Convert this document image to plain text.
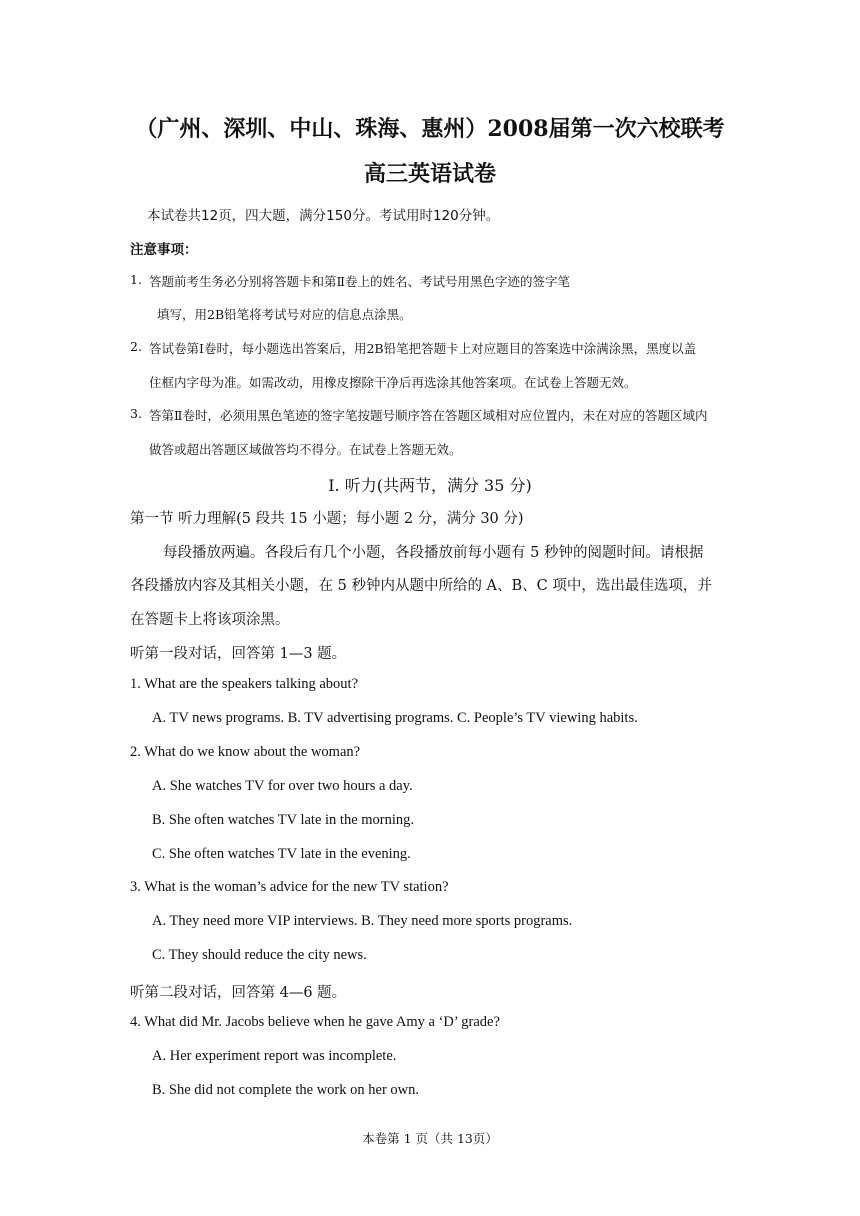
（广州、深圳、中山、珠海、惠州）2008届第一次六校联考
高三英语试卷
本试卷共12页，四大题，满分150分。考试用时120分钟。
注意事项：
1. 答题前考生务必分别将答题卡和第Ⅱ卷上的姓名、考试号用黑色字迹的签字笔
填写，用2B铅笔将考试号对应的信息点涂黑。
2. 答试卷第Ⅰ卷时，每小题选出答案后，用2B铅笔把答题卡上对应题目的答案选中涂满涂黑，黑度以盖
住框内字母为准。如需改动，用橡皮擦除干净后再选涂其他答案项。在试卷上答题无效。
3. 答第Ⅱ卷时，必须用黑色笔迹的签字笔按题号顺序答在答题区域相对应位置内，未在对应的答题区域内
做答或超出答题区域做答均不得分。在试卷上答题无效。
I. 听力(共两节，满分 35 分)
第一节 听力理解(5 段共 15 小题；每小题 2 分，满分 30 分)
每段播放两遍。各段后有几个小题，各段播放前每小题有 5 秒钟的阅题时间。请根据
各段播放内容及其相关小题，在 5 秒钟内从题中所给的 A、B、C 项中，选出最佳选项，并
在答题卡上将该项涂黑。
听第一段对话，回答第 1—3 题。
1. What are the speakers talking about?
A. TV news programs. B. TV advertising programs. C. People’s TV viewing habits.
2. What do we know about the woman?
A. She watches TV for over two hours a day.
B. She often watches TV late in the morning.
C. She often watches TV late in the evening.
3. What is the woman’s advice for the new TV station?
A. They need more VIP interviews. B. They need more sports programs.
C. They should reduce the city news.
听第二段对话，回答第 4—6 题。
4. What did Mr. Jacobs believe when he gave Amy a ‘D’ grade?
A. Her experiment report was incomplete.
B. She did not complete the work on her own.
本卷第 1 页（共 13页）
